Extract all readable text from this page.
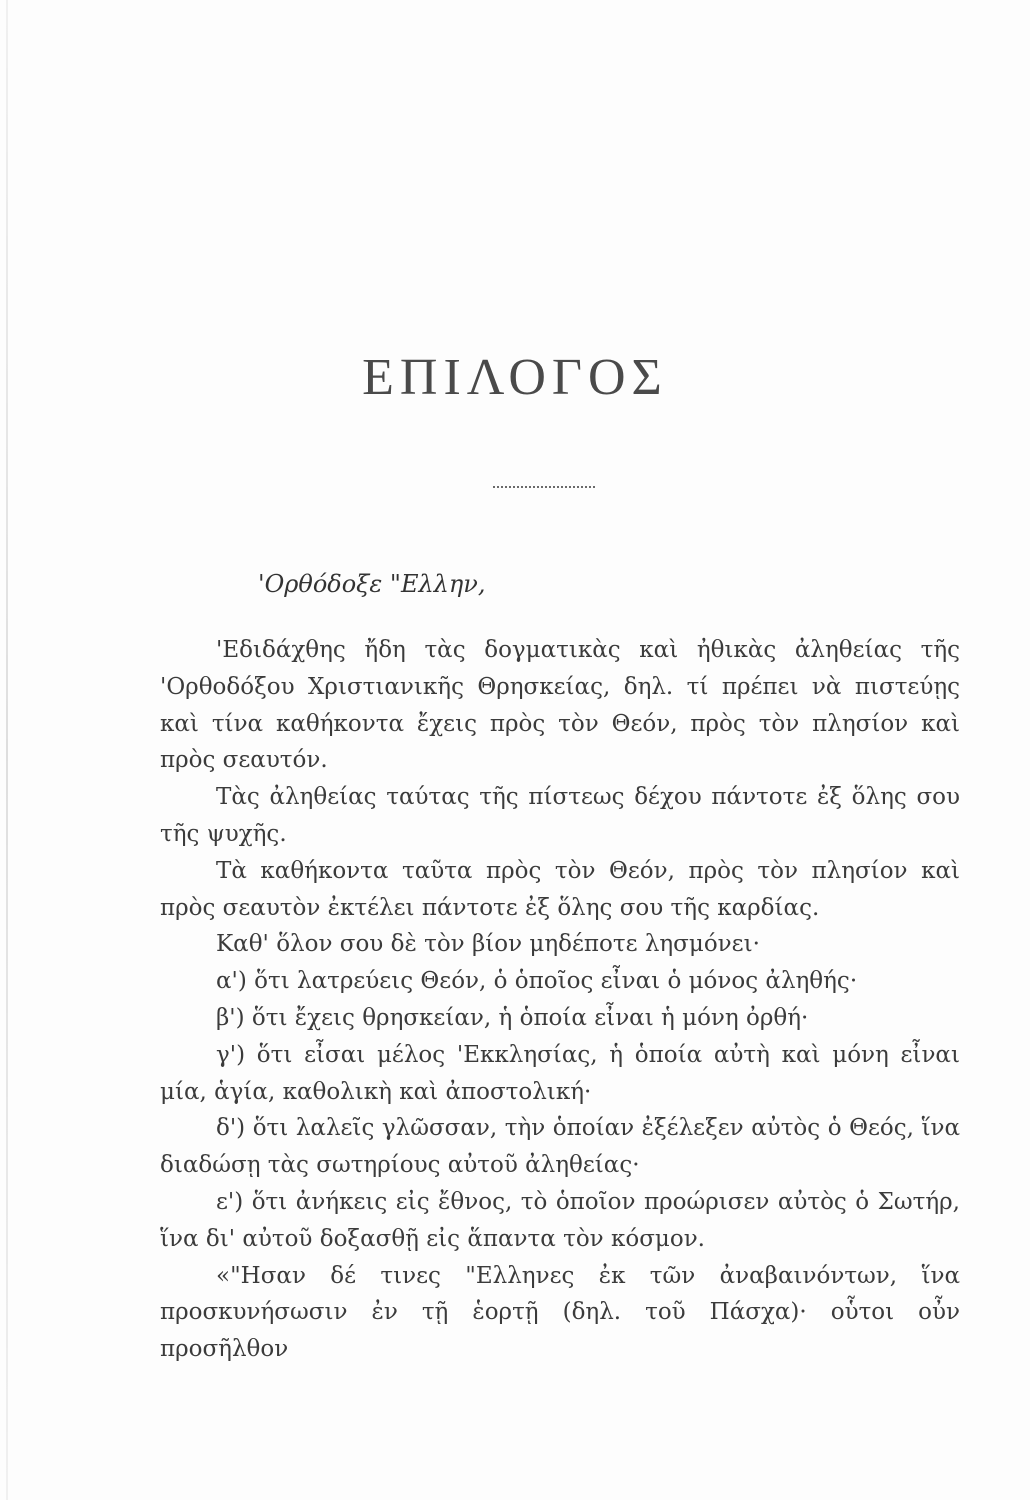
ΕΠΙΛΟΓΟΣ
'Ορθόδοξε "Ελλην,

'Εδιδάχθης ἤδη τὰς δογματικὰς καὶ ἠθικὰς ἀληθείας τῆς 'Ορθοδόξου Χριστιανικῆς Θρησκείας, δηλ. τί πρέπει νὰ πιστεύῃς καὶ τίνα καθήκοντα ἔχεις πρὸς τὸν Θεόν, πρὸς τὸν πλησίον καὶ πρὸς σεαυτόν.

Τὰς ἀληθείας ταύτας τῆς πίστεως δέχου πάντοτε ἐξ ὅλης σου τῆς ψυχῆς.

Τὰ καθήκοντα ταῦτα πρὸς τὸν Θεόν, πρὸς τὸν πλησίον καὶ πρὸς σεαυτὸν ἐκτέλει πάντοτε ἐξ ὅλης σου τῆς καρδίας.

Καθ' ὅλον σου δὲ τὸν βίον μηδέποτε λησμόνει·

α') ὅτι λατρεύεις Θεόν, ὁ ὁποῖος εἶναι ὁ μόνος ἀληθής·

β') ὅτι ἔχεις θρησκείαν, ἡ ὁποία εἶναι ἡ μόνη ὀρθή·

γ') ὅτι εἶσαι μέλος 'Εκκλησίας, ἡ ὁποία αὐτὴ καὶ μόνη εἶναι μία, ἁγία, καθολικὴ καὶ ἀποστολική·

δ') ὅτι λαλεῖς γλῶσσαν, τὴν ὁποίαν ἐξέλεξεν αὐτὸς ὁ Θεός, ἵνα διαδώσῃ τὰς σωτηρίους αὐτοῦ ἀληθείας·

ε') ὅτι ἀνήκεις εἰς ἔθνος, τὸ ὁποῖον προώρισεν αὐτὸς ὁ Σωτήρ, ἵνα δι' αὐτοῦ δοξασθῇ εἰς ἅπαντα τὸν κόσμον.

«"Ησαν δέ τινες "Ελληνες ἐκ τῶν ἀναβαινόντων, ἵνα προσκυνήσωσιν ἐν τῇ ἑορτῇ (δηλ. τοῦ Πάσχα)· οὗτοι οὖν προσῆλθον
